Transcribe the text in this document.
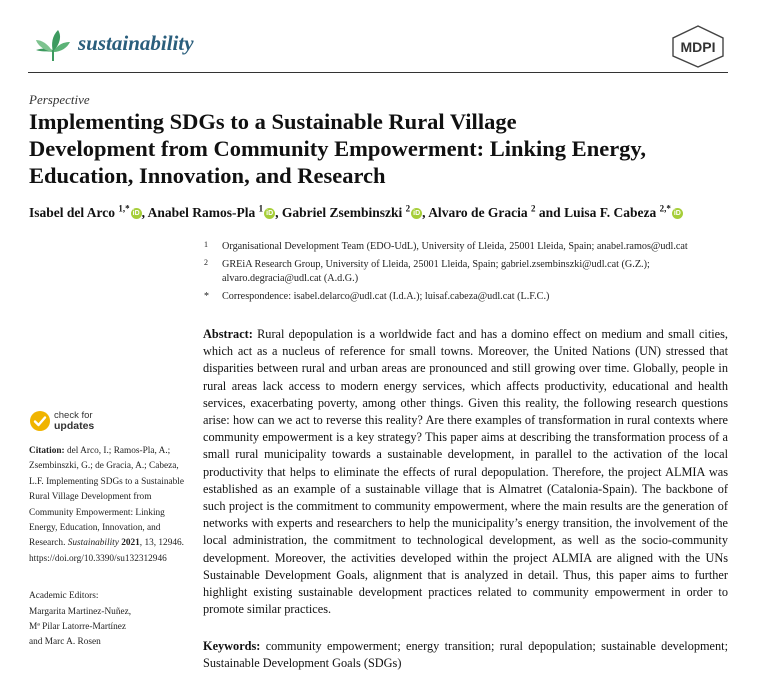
sustainability	MDPI
Perspective
Implementing SDGs to a Sustainable Rural Village
Development from Community Empowerment: Linking Energy,
Education, Innovation, and Research
Isabel del Arco $^{1,*}$iD , Anabel Ramos-Pla $^1$iD , Gabriel Zsembinszki $^2$iD , Alvaro de Gracia $^2$ and Luisa F. Cabeza $^{2,*}$iD
1 Organisational Development Team (EDO-UdL), University of Lleida, 25001 Lleida, Spain; anabel.ramos@udl.cat
2 GREiA Research Group, University of Lleida, 25001 Lleida, Spain; gabriel.zsembinszki@udl.cat (G.Z.); alvaro.degracia@udl.cat (A.d.G.)
* Correspondence: isabel.delarco@udl.cat (I.d.A.); luisaf.cabeza@udl.cat (L.F.C.)

Abstract: Rural depopulation is a worldwide fact and has a domino effect on medium and small cities, which act as a nucleus of reference for small towns. Moreover, the United Nations (UN) stressed that disparities between rural and urban areas are pronounced and still growing over time. Globally, people in rural areas lack access to modern energy services, which affects productivity, educational and health services, exacerbating poverty, among other things. Given this reality, the following research questions arise: how can we act to reverse this reality? Are there examples of transformation in rural contexts where community empowerment is a key strategy? This paper aims at describing the transformation process of a small rural municipality towards a sustainable development, in parallel to the activation of the local productivity that helps to eliminate the effects of rural depopulation. Therefore, the project ALMIA was established as an example of a sustainable village that is Almatret (Catalonia-Spain). The backbone of such project is the commitment to community empowerment, where the main results are the generation of networks with experts and researchers to help the municipality’s energy transition, the involvement of the local administration, the commitment to technological development, as well as the socio-community development. Moreover, the activities developed within the project ALMIA are aligned with the UNs Sustainable Development Goals, alignment that is analyzed in detail. Thus, this paper aims to further highlight existing sustainable development practices related to community empowerment in order to promote similar practices.

Keywords: community empowerment; energy transition; rural depopulation; sustainable development; Sustainable Development Goals (SDGs)

check for
updates

Citation: del Arco, I.; Ramos-Pla, A.; Zsembinszki, G.; de Gracia, A.; Cabeza, L.F. Implementing SDGs to a Sustainable Rural Village Development from Community Empowerment: Linking Energy, Education, Innovation, and Research. Sustainability 2021, 13, 12946. https://doi.org/10.3390/su132312946

Academic Editors:
Margarita Martinez-Nuñez,
Mª Pilar Latorre-Martínez
and Marc A. Rosen
